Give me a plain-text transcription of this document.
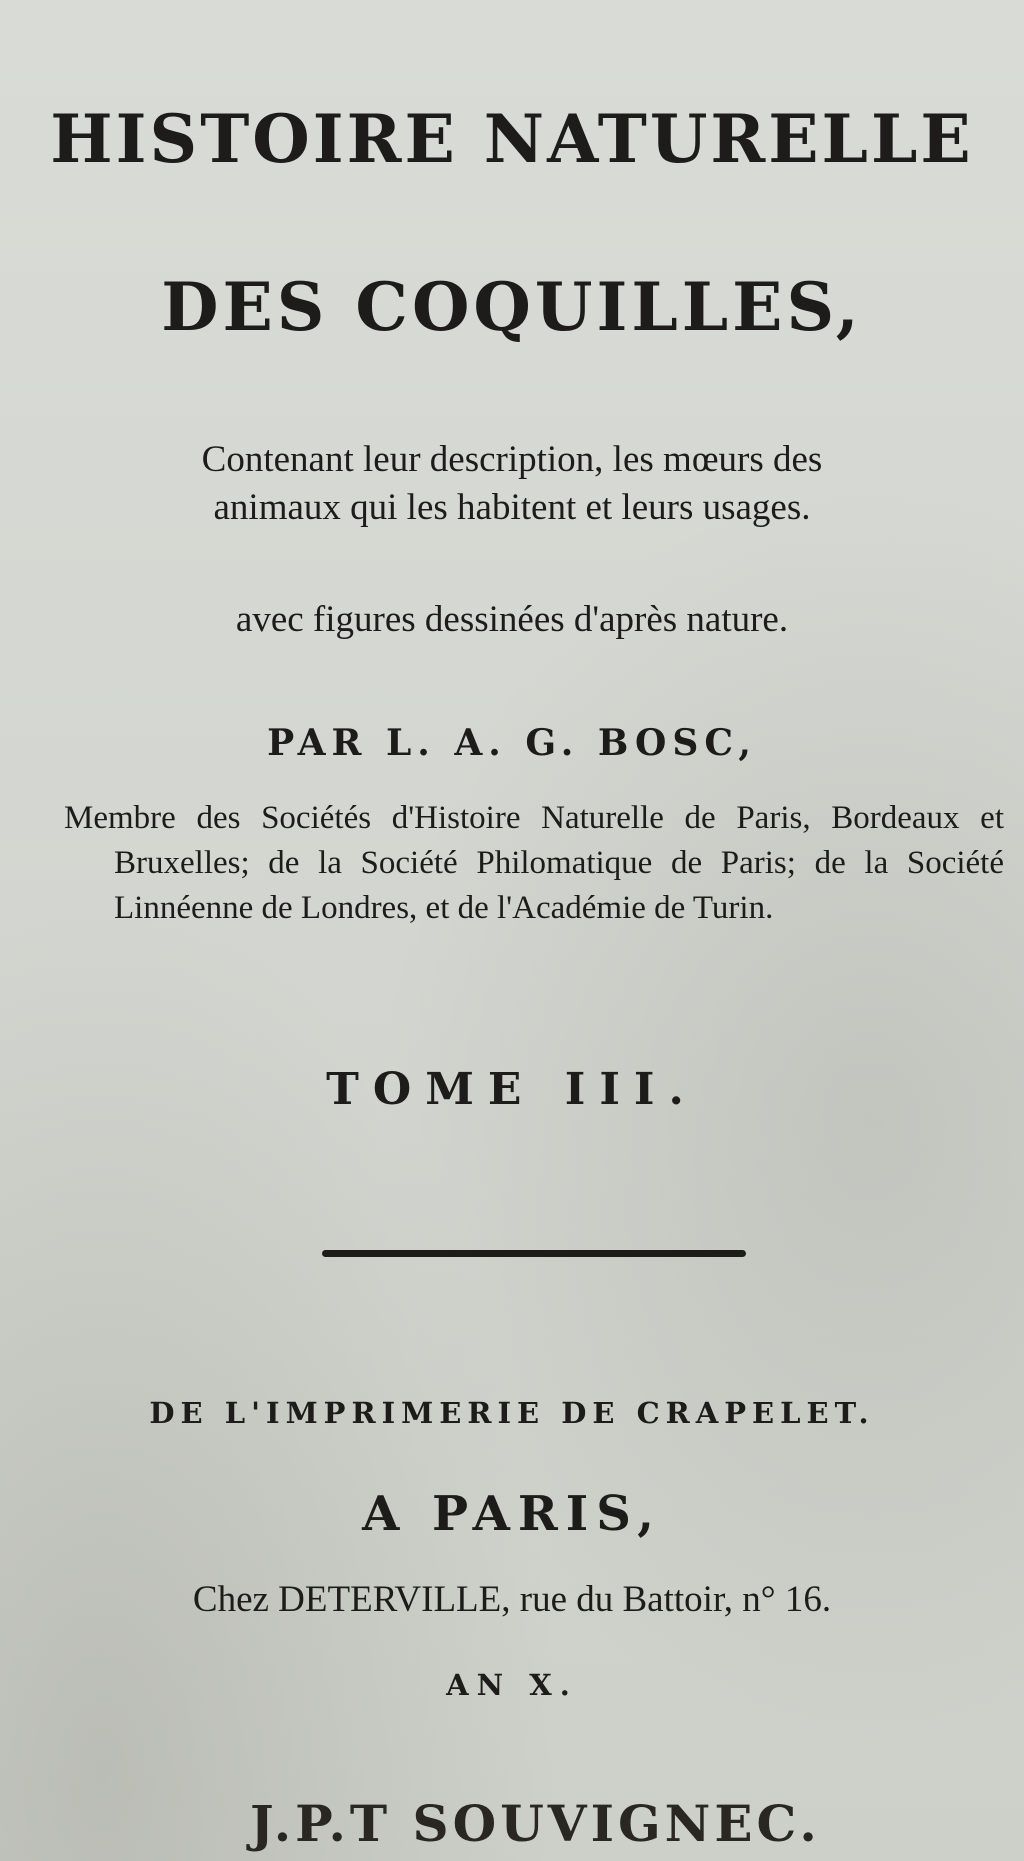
HISTOIRE NATURELLE
DES COQUILLES,
Contenant leur description, les mœurs des
animaux qui les habitent et leurs usages.
avec figures dessinées d'après nature.
PAR L. A. G. BOSC,
Membre des Sociétés d'Histoire Naturelle de Paris, Bordeaux et Bruxelles; de la Société Philomatique de Paris; de la Société Linnéenne de Londres, et de l'Académie de Turin.
TOME III.
DE L'IMPRIMERIE DE CRAPELET.
A PARIS,
Chez DETERVILLE, rue du Battoir, n° 16.
AN X.
J.P.T SOUVIGNEC.
